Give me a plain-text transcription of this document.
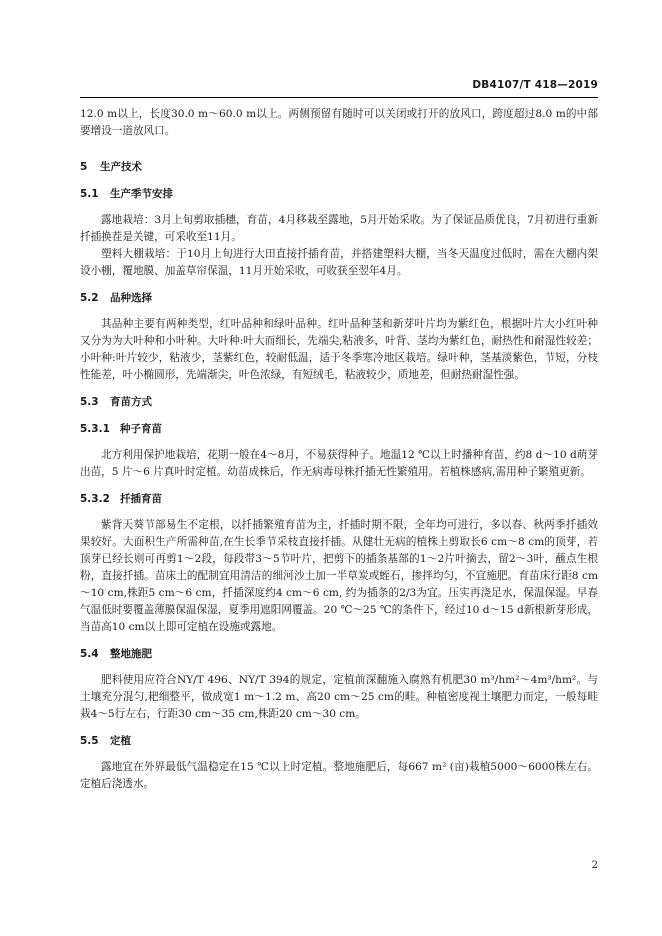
DB4107/T 418—2019

12.0 m以上，长度30.0 m～60.0 m以上。两侧预留有随时可以关闭或打开的放风口，跨度超过8.0 m的中部要增设一道放风口。

5 生产技术
5.1 生产季节安排

露地栽培：3月上旬剪取插穗，育苗，4月移栽至露地，5月开始采收。为了保证品质优良，7月初进行重新扦插换茬是关键，可采收至11月。

塑料大棚栽培：于10月上旬进行大田直接扦插育苗，并搭建塑料大棚，当冬天温度过低时，需在大棚内架设小棚，覆地膜、加盖草帘保温，11月开始采收，可收获至翌年4月。

5.2 品种选择

其品种主要有两种类型，红叶品种和绿叶品种。红叶品种茎和新芽叶片均为紫红色，根据叶片大小红叶种又分为为大叶种和小叶种。大叶种:叶大而细长，先端尖,粘液多，叶背、茎均为紫红色，耐热性和耐湿性较差；小叶种:叶片较少，粘液少，茎紫红色，较耐低温，适于冬季寒冷地区栽培。绿叶种，茎基淡紫色，节短，分枝性能差，叶小椭圆形，先端渐尖，叶色浓绿，有短绒毛，粘液较少，质地差，但耐热耐湿性强。

5.3 育苗方式
5.3.1 种子育苗

北方利用保护地栽培，花期一般在4～8月，不易获得种子。地温12 ℃以上时播种育苗，约8 d～10 d萌芽出苗，5 片～6 片真叶时定植。幼苗成株后，作无病毒母株扦插无性繁殖用。若植株感病,需用种子繁殖更新。

5.3.2 扦插育苗

紫背天葵节部易生不定根，以扦插繁殖育苗为主，扦插时期不限，全年均可进行，多以春、秋两季扦插效果较好。大面积生产所需种苗,在生长季节采枝直接扦插。从健壮无病的植株上剪取长6 cm～8 cm的顶芽，若顶芽已经长则可再剪1～2段，每段带3～5节叶片，把剪下的插条基部的1～2片叶摘去，留2～3叶，蘸点生根粉，直接扦插。苗床土的配制宜用清洁的细河沙土加一半草炭或蛭石，掺拌均匀，不宜施肥。育苗床行距8 cm～10 cm,株距5 cm～6 cm，扦插深度约4 cm～6 cm, 约为插条的2/3为宜。压实再浇足水，保温保湿。早春气温低时要覆盖薄膜保温保湿，夏季用遮阳网覆盖。20 ℃～25 ℃的条件下，经过10 d～15 d新根新芽形成，当苗高10 cm以上即可定植在设施或露地。

5.4 整地施肥

肥料使用应符合NY/T 496、NY/T 394的规定，定植前深翻施入腐熟有机肥30 m³/hm²～4m³/hm²。与土壤充分混匀,耙细整平，做成宽1 m～1.2 m、高20 cm～25 cm的畦。种植密度视土壤肥力而定，一般每畦栽4～5行左右，行距30 cm～35 cm,株距20 cm～30 cm。

5.5 定植

露地宜在外界最低气温稳定在15 ℃以上时定植。整地施肥后，每667 m² (亩)栽植5000～6000株左右。定植后浇透水。

2
